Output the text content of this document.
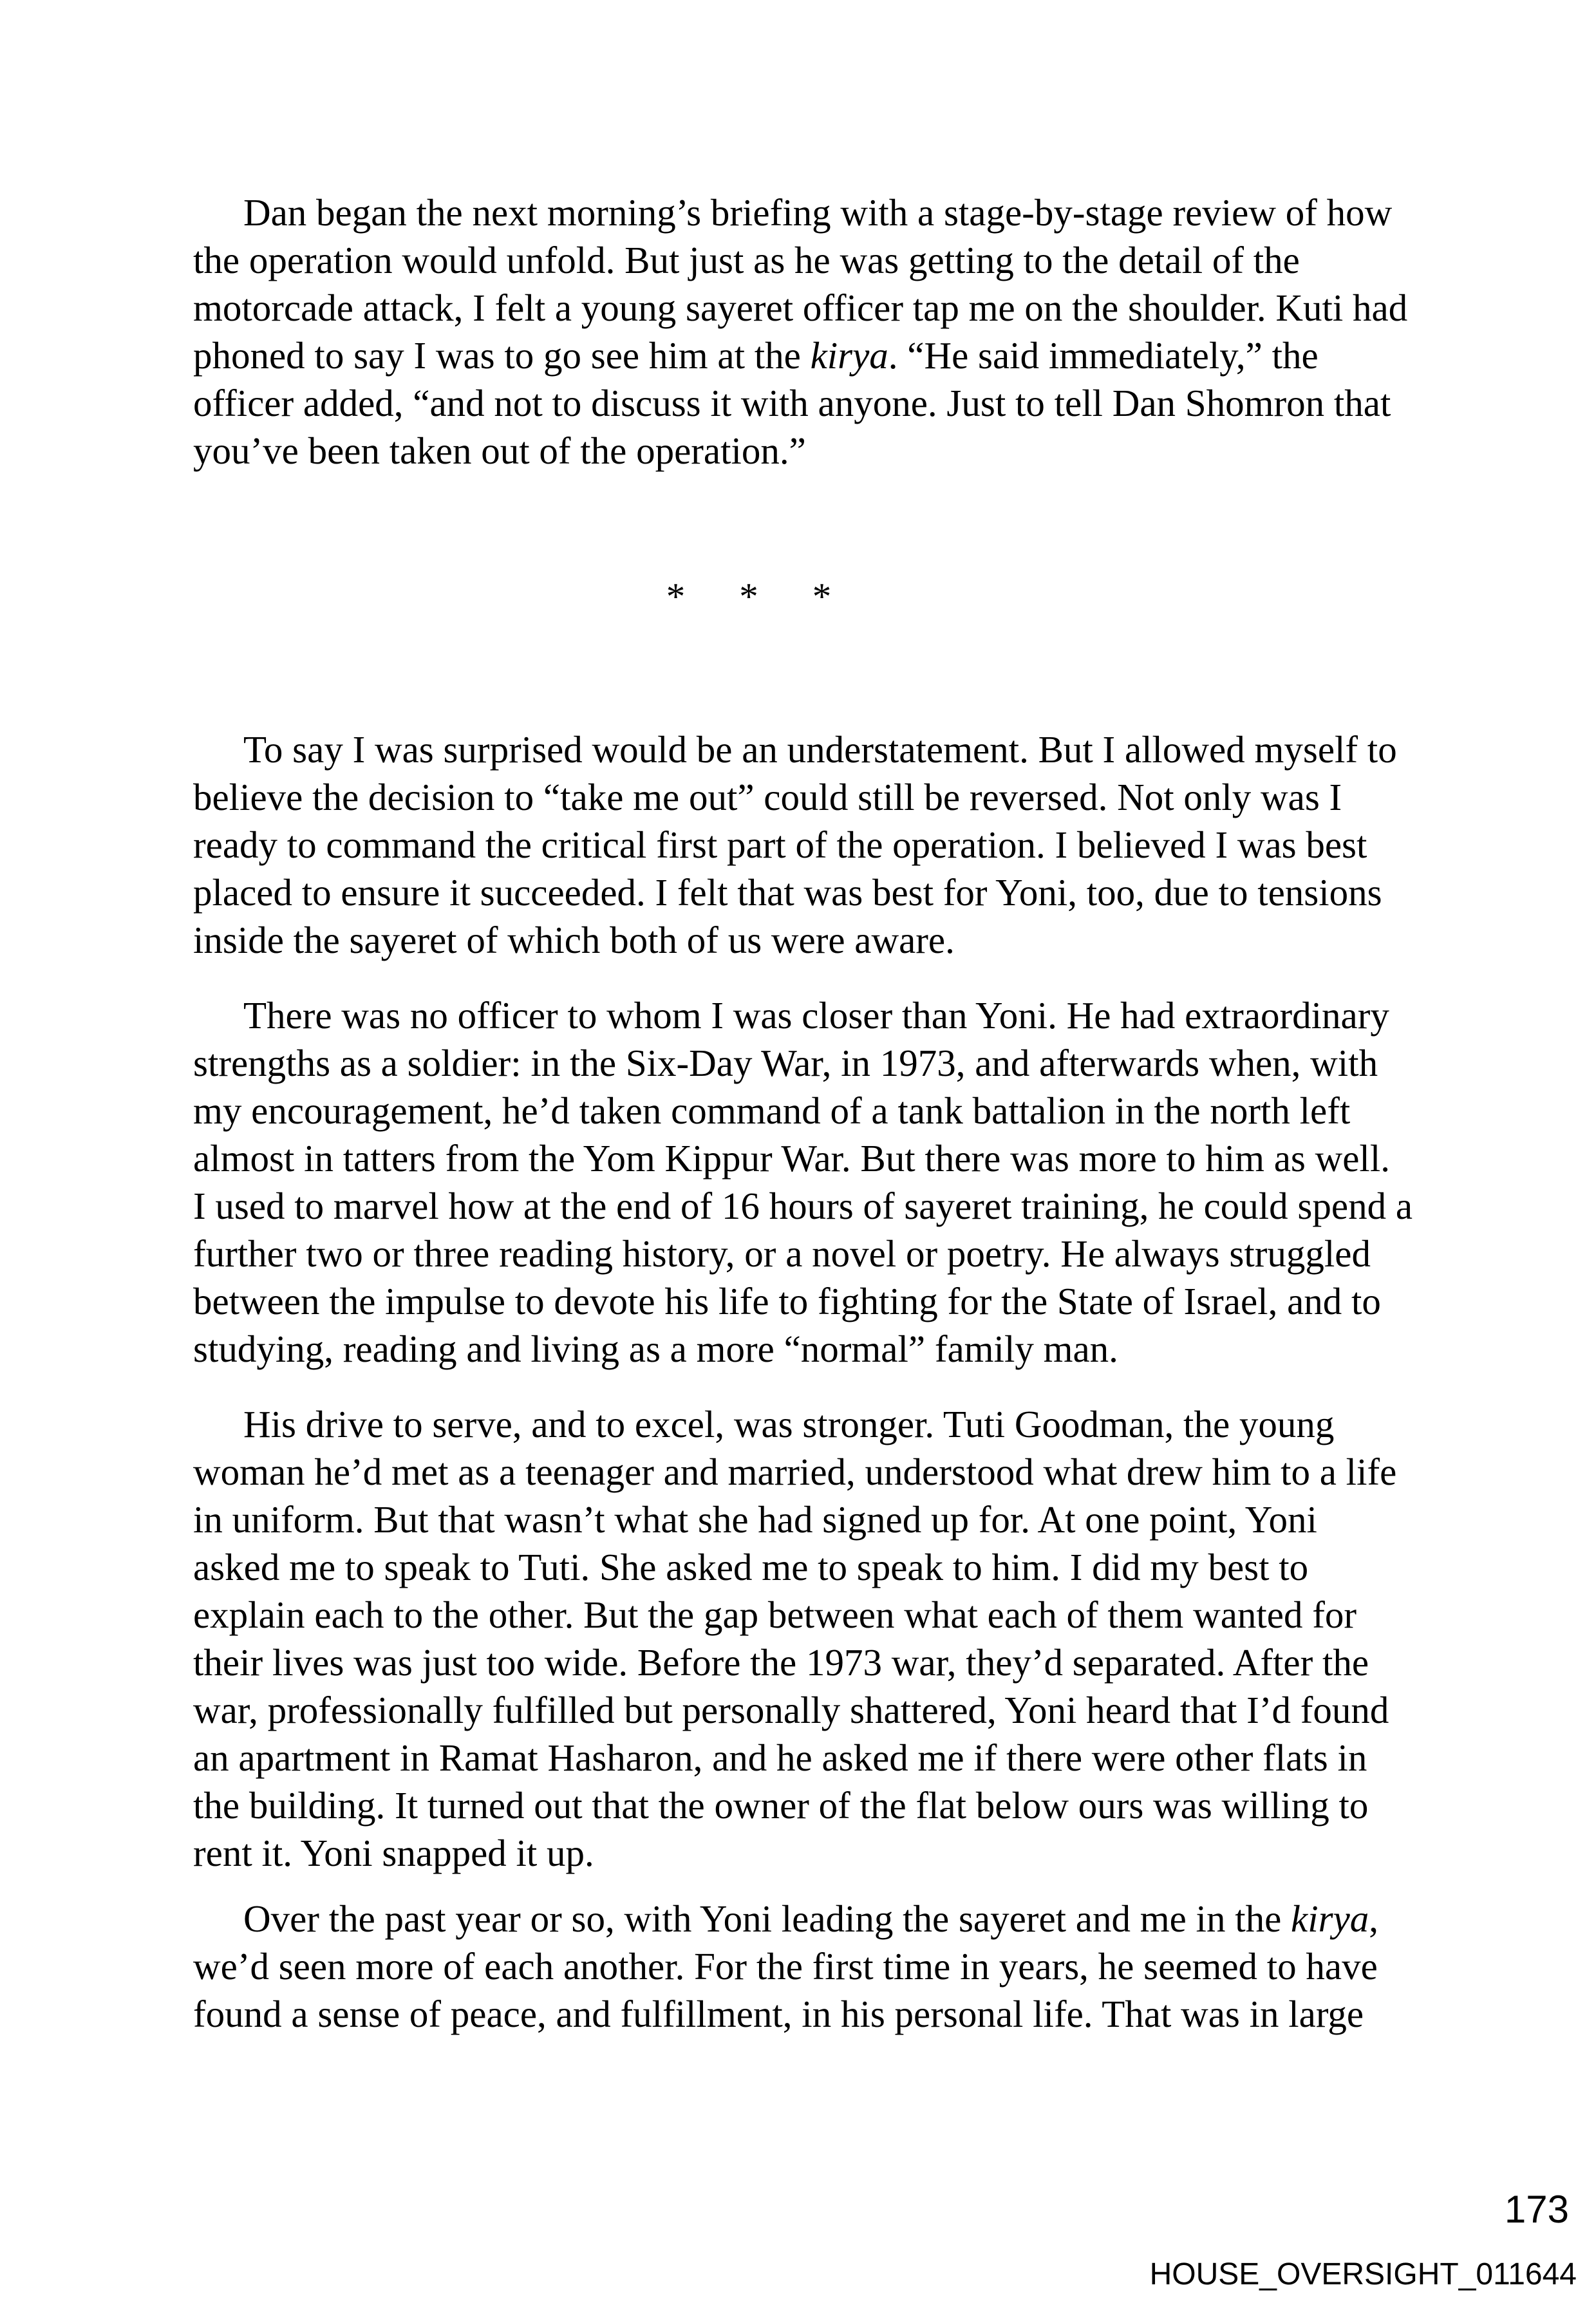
Dan began the next morning’s briefing with a stage-by-stage review of how
the operation would unfold. But just as he was getting to the detail of the
motorcade attack, I felt a young sayeret officer tap me on the shoulder. Kuti had
phoned to say I was to go see him at the kirya. “He said immediately,” the
officer added, “and not to discuss it with anyone. Just to tell Dan Shomron that
you’ve been taken out of the operation.”
* * *
To say I was surprised would be an understatement. But I allowed myself to
believe the decision to “take me out” could still be reversed. Not only was I
ready to command the critical first part of the operation. I believed I was best
placed to ensure it succeeded. I felt that was best for Yoni, too, due to tensions
inside the sayeret of which both of us were aware.
There was no officer to whom I was closer than Yoni. He had extraordinary
strengths as a soldier: in the Six-Day War, in 1973, and afterwards when, with
my encouragement, he’d taken command of a tank battalion in the north left
almost in tatters from the Yom Kippur War. But there was more to him as well.
I used to marvel how at the end of 16 hours of sayeret training, he could spend a
further two or three reading history, or a novel or poetry. He always struggled
between the impulse to devote his life to fighting for the State of Israel, and to
studying, reading and living as a more “normal” family man.
His drive to serve, and to excel, was stronger. Tuti Goodman, the young
woman he’d met as a teenager and married, understood what drew him to a life
in uniform. But that wasn’t what she had signed up for. At one point, Yoni
asked me to speak to Tuti. She asked me to speak to him. I did my best to
explain each to the other. But the gap between what each of them wanted for
their lives was just too wide. Before the 1973 war, they’d separated. After the
war, professionally fulfilled but personally shattered, Yoni heard that I’d found
an apartment in Ramat Hasharon, and he asked me if there were other flats in
the building. It turned out that the owner of the flat below ours was willing to
rent it. Yoni snapped it up.
Over the past year or so, with Yoni leading the sayeret and me in the kirya,
we’d seen more of each another. For the first time in years, he seemed to have
found a sense of peace, and fulfillment, in his personal life. That was in large
173
HOUSE_OVERSIGHT_011644
